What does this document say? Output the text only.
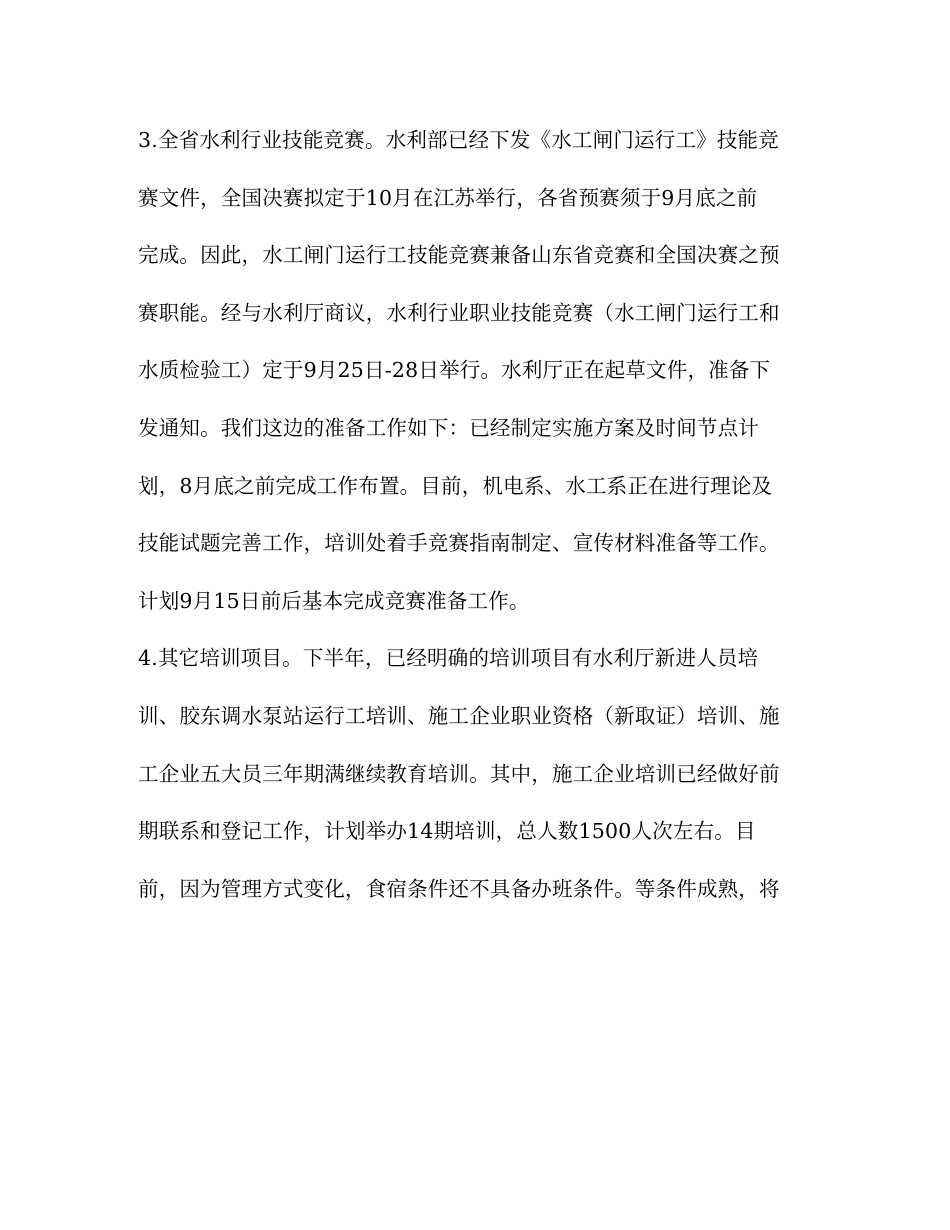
3.全省水利行业技能竞赛。水利部已经下发《水工闸门运行工》技能竞
赛文件，全国决赛拟定于10月在江苏举行，各省预赛须于9月底之前
完成。因此，水工闸门运行工技能竞赛兼备山东省竞赛和全国决赛之预
赛职能。经与水利厅商议，水利行业职业技能竞赛（水工闸门运行工和
水质检验工）定于9月25日-28日举行。水利厅正在起草文件，准备下
发通知。我们这边的准备工作如下：已经制定实施方案及时间节点计
划，8月底之前完成工作布置。目前，机电系、水工系正在进行理论及
技能试题完善工作，培训处着手竞赛指南制定、宣传材料准备等工作。
计划9月15日前后基本完成竞赛准备工作。
4.其它培训项目。下半年，已经明确的培训项目有水利厅新进人员培
训、胶东调水泵站运行工培训、施工企业职业资格（新取证）培训、施
工企业五大员三年期满继续教育培训。其中，施工企业培训已经做好前
期联系和登记工作，计划举办14期培训，总人数1500人次左右。目
前，因为管理方式变化，食宿条件还不具备办班条件。等条件成熟，将
